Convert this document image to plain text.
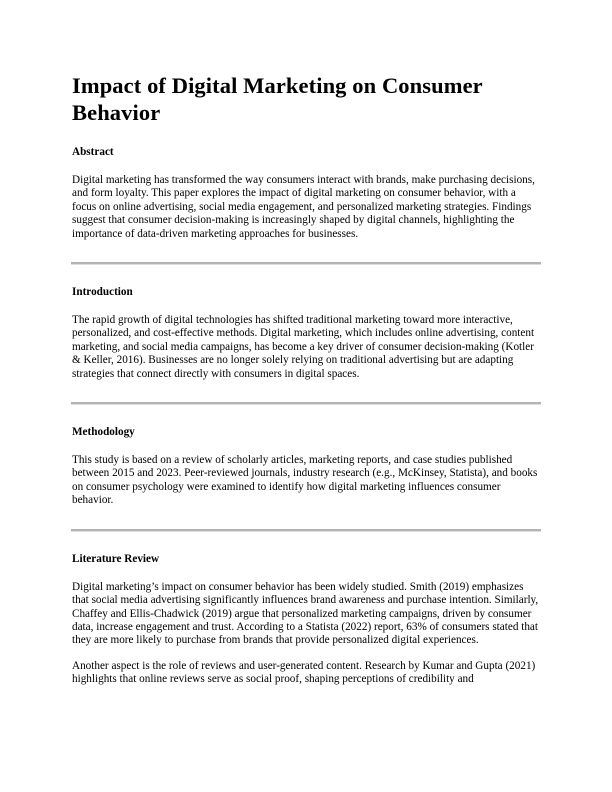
Impact of Digital Marketing on Consumer Behavior
Abstract

Digital marketing has transformed the way consumers interact with brands, make purchasing decisions, and form loyalty. This paper explores the impact of digital marketing on consumer behavior, with a focus on online advertising, social media engagement, and personalized marketing strategies. Findings suggest that consumer decision-making is increasingly shaped by digital channels, highlighting the importance of data-driven marketing approaches for businesses.

Introduction

The rapid growth of digital technologies has shifted traditional marketing toward more interactive, personalized, and cost-effective methods. Digital marketing, which includes online advertising, content marketing, and social media campaigns, has become a key driver of consumer decision-making (Kotler & Keller, 2016). Businesses are no longer solely relying on traditional advertising but are adapting strategies that connect directly with consumers in digital spaces.

Methodology

This study is based on a review of scholarly articles, marketing reports, and case studies published between 2015 and 2023. Peer-reviewed journals, industry research (e.g., McKinsey, Statista), and books on consumer psychology were examined to identify how digital marketing influences consumer behavior.

Literature Review

Digital marketing’s impact on consumer behavior has been widely studied. Smith (2019) emphasizes that social media advertising significantly influences brand awareness and purchase intention. Similarly, Chaffey and Ellis-Chadwick (2019) argue that personalized marketing campaigns, driven by consumer data, increase engagement and trust. According to a Statista (2022) report, 63% of consumers stated that they are more likely to purchase from brands that provide personalized digital experiences.

Another aspect is the role of reviews and user-generated content. Research by Kumar and Gupta (2021) highlights that online reviews serve as social proof, shaping perceptions of credibility and
